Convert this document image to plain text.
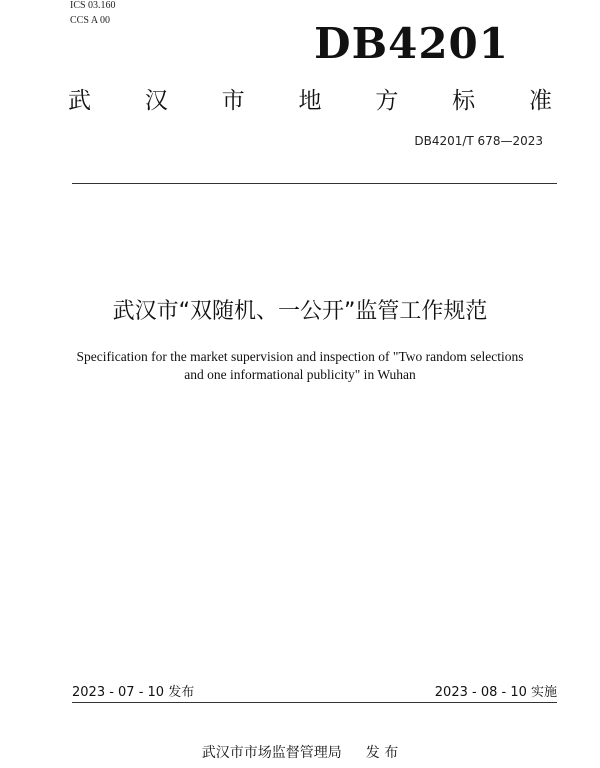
ICS 03.160
CCS A 00	DB4201
武 汉 市 地 方 标 准
DB4201/T 678—2023
武汉市“双随机、一公开”监管工作规范
Specification for the market supervision and inspection of "Two random selections
and one informational publicity" in Wuhan
2023 - 07 - 10 发布	2023 - 08 - 10 实施
武汉市市场监督管理局 发 布
